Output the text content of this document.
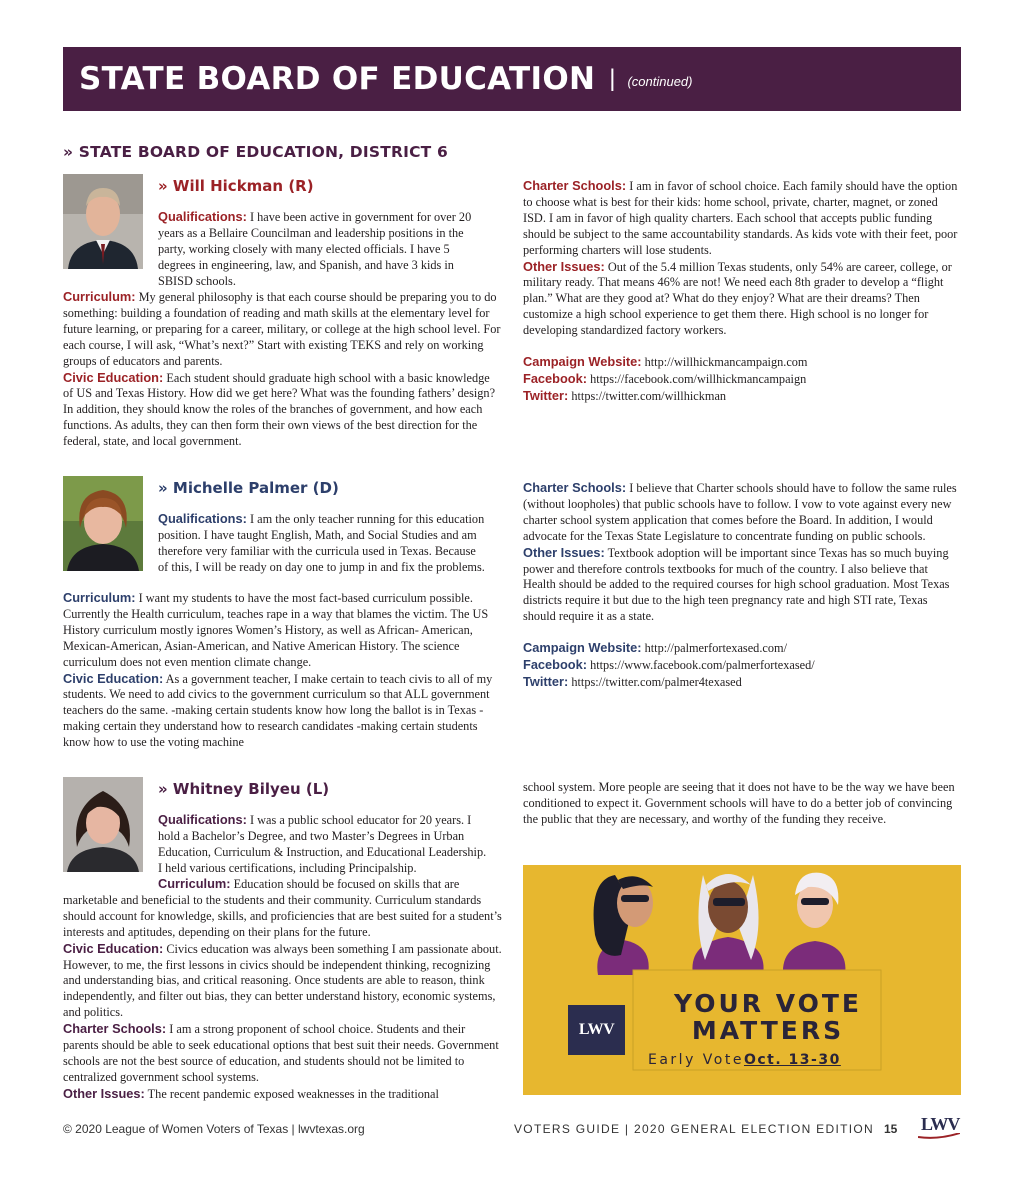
STATE BOARD OF EDUCATION | (continued)
» STATE BOARD OF EDUCATION, DISTRICT 6
» Will Hickman (R)

Qualifications: I have been active in government for over 20 years as a Bellaire Councilman and leadership positions in the party, working closely with many elected officials. I have 5 degrees in engineering, law, and Spanish, and have 3 kids in SBISD schools.

Curriculum: My general philosophy is that each course should be preparing you to do something: building a foundation of reading and math skills at the elementary level for future learning, or preparing for a career, military, or college at the high school level. For each course, I will ask, “What’s next?” Start with existing TEKS and rely on working groups of educators and parents.

Civic Education: Each student should graduate high school with a basic knowledge of US and Texas History. How did we get here? What was the founding fathers’ design? In addition, they should know the roles of the branches of government, and how each functions. As adults, they can then form their own views of the best direction for the federal, state, and local government.

Charter Schools: I am in favor of school choice. Each family should have the option to choose what is best for their kids: home school, private, charter, magnet, or zoned ISD. I am in favor of high quality charters. Each school that accepts public funding should be subject to the same accountability standards. As kids vote with their feet, poor performing charters will lose students.

Other Issues: Out of the 5.4 million Texas students, only 54% are career, college, or military ready. That means 46% are not! We need each 8th grader to develop a “flight plan.” What are they good at? What do they enjoy? What are their dreams? Then customize a high school experience to get them there. High school is no longer for developing standardized factory workers.

Campaign Website: http://willhickmancampaign.com

Facebook: https://facebook.com/willhickmancampaign

Twitter: https://twitter.com/willhickman

» Michelle Palmer (D)

Qualifications: I am the only teacher running for this education position. I have taught English, Math, and Social Studies and am therefore very familiar with the curricula used in Texas. Because of this, I will be ready on day one to jump in and fix the problems.

Curriculum: I want my students to have the most fact-based curriculum possible. Currently the Health curriculum, teaches rape in a way that blames the victim. The US History curriculum mostly ignores Women’s History, as well as African- American, Mexican-American, Asian-American, and Native American History. The science curriculum does not even mention climate change.

Civic Education: As a government teacher, I make certain to teach civis to all of my students. We need to add civics to the government curriculum so that ALL government teachers do the same. -making certain students know how long the ballot is in Texas -making certain they understand how to research candidates -making certain students know how to use the voting machine

Charter Schools: I believe that Charter schools should have to follow the same rules (without loopholes) that public schools have to follow. I vow to vote against every new charter school system application that comes before the Board. In addition, I would advocate for the Texas State Legislature to concentrate funding on public schools.

Other Issues: Textbook adoption will be important since Texas has so much buying power and therefore controls textbooks for much of the country. I also believe that Health should be added to the required courses for high school graduation. Most Texas districts require it but due to the high teen pregnancy rate and high STI rate, Texas should require it as a state.

Campaign Website: http://palmerfortexased.com/

Facebook: https://www.facebook.com/palmerfortexased/

Twitter: https://twitter.com/palmer4texased

» Whitney Bilyeu (L)

Qualifications: I was a public school educator for 20 years. I hold a Bachelor’s Degree, and two Master’s Degrees in Urban Education, Curriculum & Instruction, and Educational Leadership. I held various certifications, including Principalship.

Curriculum: Education should be focused on skills that are marketable and beneficial to the students and their community. Curriculum standards should account for knowledge, skills, and proficiencies that are best suited for a student’s interests and aptitudes, depending on their plans for the future.

Civic Education: Civics education was always been something I am passionate about. However, to me, the first lessons in civics should be independent thinking, recognizing and understanding bias, and critical reasoning. Once students are able to reason, think independently, and filter out bias, they can better understand history, economic systems, and politics.

Charter Schools: I am a strong proponent of school choice. Students and their parents should be able to seek educational options that best suit their needs. Government schools are not the best source of education, and students should not be limited to centralized government school systems.

Other Issues: The recent pandemic exposed weaknesses in the traditional

school system. More people are seeing that it does not have to be the way we have been conditioned to expect it. Government schools will have to do a better job of convincing the public that they are necessary, and worthy of the funding they receive.

LWV
YOUR VOTE
MATTERS
Early VoteOct. 13-30
© 2020 League of Women Voters of Texas | lwvtexas.org	VOTERS GUIDE | 2020 GENERAL ELECTION EDITION 15 LWV
